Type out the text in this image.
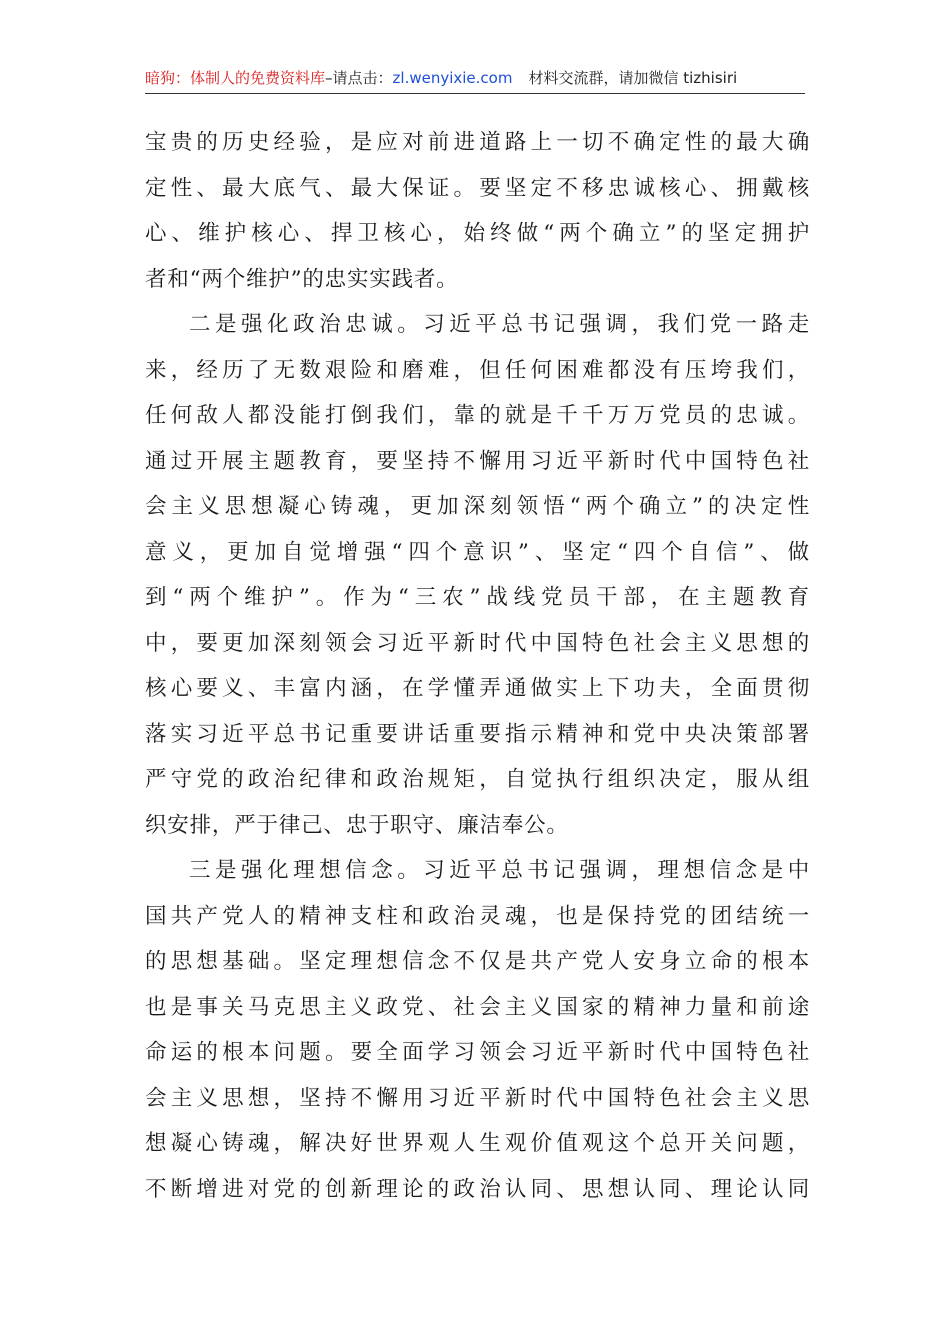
暗狗：体制人的免费资料库–请点击：zl.wenyixie.com 材料交流群，请加微信 tizhisiri
宝贵的历史经验，是应对前进道路上一切不确定性的最大确
定性、最大底气、最大保证。要坚定不移忠诚核心、拥戴核
心、维护核心、捍卫核心，始终做“两个确立”的坚定拥护
者和“两个维护”的忠实实践者。
二是强化政治忠诚。习近平总书记强调，我们党一路走
来，经历了无数艰险和磨难，但任何困难都没有压垮我们，
任何敌人都没能打倒我们，靠的就是千千万万党员的忠诚。
通过开展主题教育，要坚持不懈用习近平新时代中国特色社
会主义思想凝心铸魂，更加深刻领悟“两个确立”的决定性
意义，更加自觉增强“四个意识”、坚定“四个自信”、做
到“两个维护”。作为“三农”战线党员干部，在主题教育
中，要更加深刻领会习近平新时代中国特色社会主义思想的
核心要义、丰富内涵，在学懂弄通做实上下功夫，全面贯彻
落实习近平总书记重要讲话重要指示精神和党中央决策部署
严守党的政治纪律和政治规矩，自觉执行组织决定，服从组
织安排，严于律己、忠于职守、廉洁奉公。
三是强化理想信念。习近平总书记强调，理想信念是中
国共产党人的精神支柱和政治灵魂，也是保持党的团结统一
的思想基础。坚定理想信念不仅是共产党人安身立命的根本
也是事关马克思主义政党、社会主义国家的精神力量和前途
命运的根本问题。要全面学习领会习近平新时代中国特色社
会主义思想，坚持不懈用习近平新时代中国特色社会主义思
想凝心铸魂，解决好世界观人生观价值观这个总开关问题，
不断增进对党的创新理论的政治认同、思想认同、理论认同
